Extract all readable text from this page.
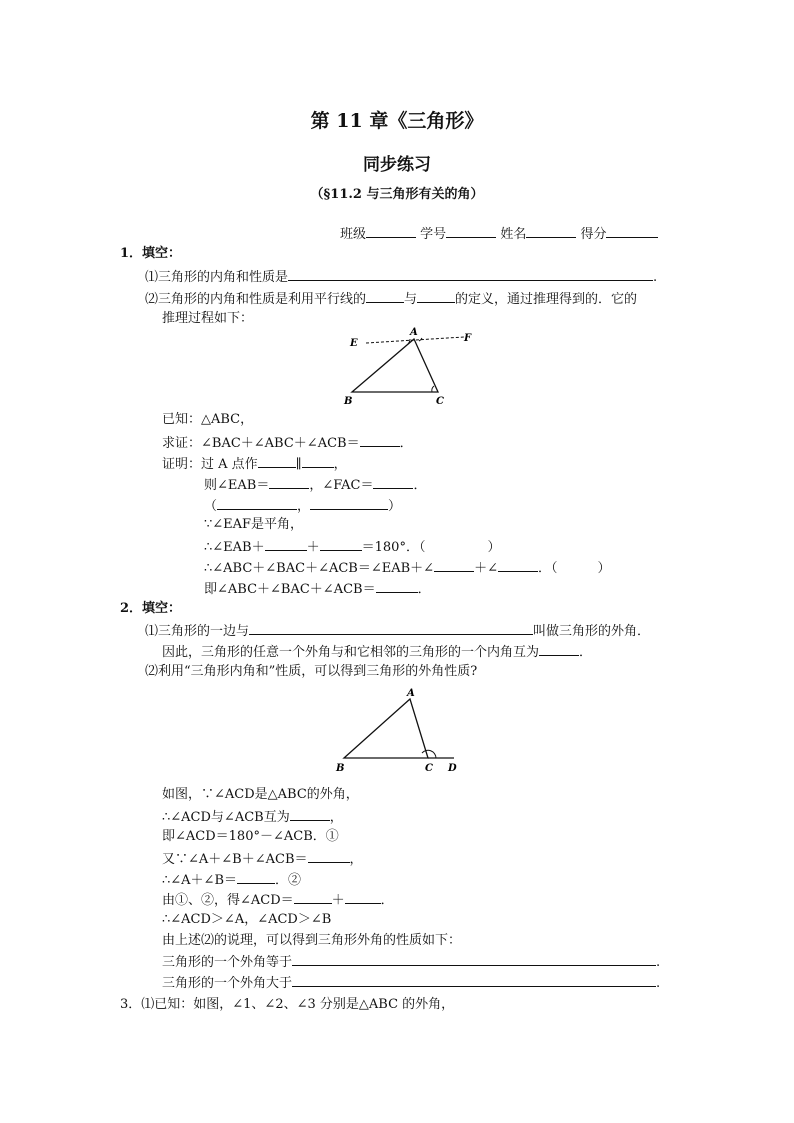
第 11 章《三角形》
同步练习
（§11.2 与三角形有关的角）
班级	学号	姓名	得分
1．填空：
⑴三角形的内角和性质是	.
⑵三角形的内角和性质是利用平行线的	与	的定义，通过推理得到的．它的
推理过程如下：
A
E	F
B	C
已知：△ABC，
求证：∠BAC＋∠ABC＋∠ACB＝	．
证明：过 A 点作	∥ ，
则∠EAB＝	，∠FAC＝	．
（	，	）
∵∠EAF是平角，
∴∠EAB＋	＋	＝180°．（	）
∴∠ABC＋∠BAC＋∠ACB＝∠EAB＋∠	＋∠	．（	）
即∠ABC＋∠BAC＋∠ACB＝	．
2．填空：
⑴三角形的一边与	叫做三角形的外角．
因此，三角形的任意一个外角与和它相邻的三角形的一个内角互为	．
⑵利用“三角形内角和”性质，可以得到三角形的外角性质?
A
B	C D
如图，∵∠ACD是△ABC的外角，
∴∠ACD与∠ACB互为	，
即∠ACD＝180°－∠ACB．①
又∵∠A＋∠B＋∠ACB＝	，
∴∠A＋∠B＝	．②
由①、②，得∠ACD＝	＋	．
∴∠ACD＞∠A，∠ACD＞∠B
由上述⑵的说理，可以得到三角形外角的性质如下：
三角形的一个外角等于	.
三角形的一个外角大于	.
3．⑴已知：如图，∠1、∠2、∠3 分别是△ABC 的外角，
